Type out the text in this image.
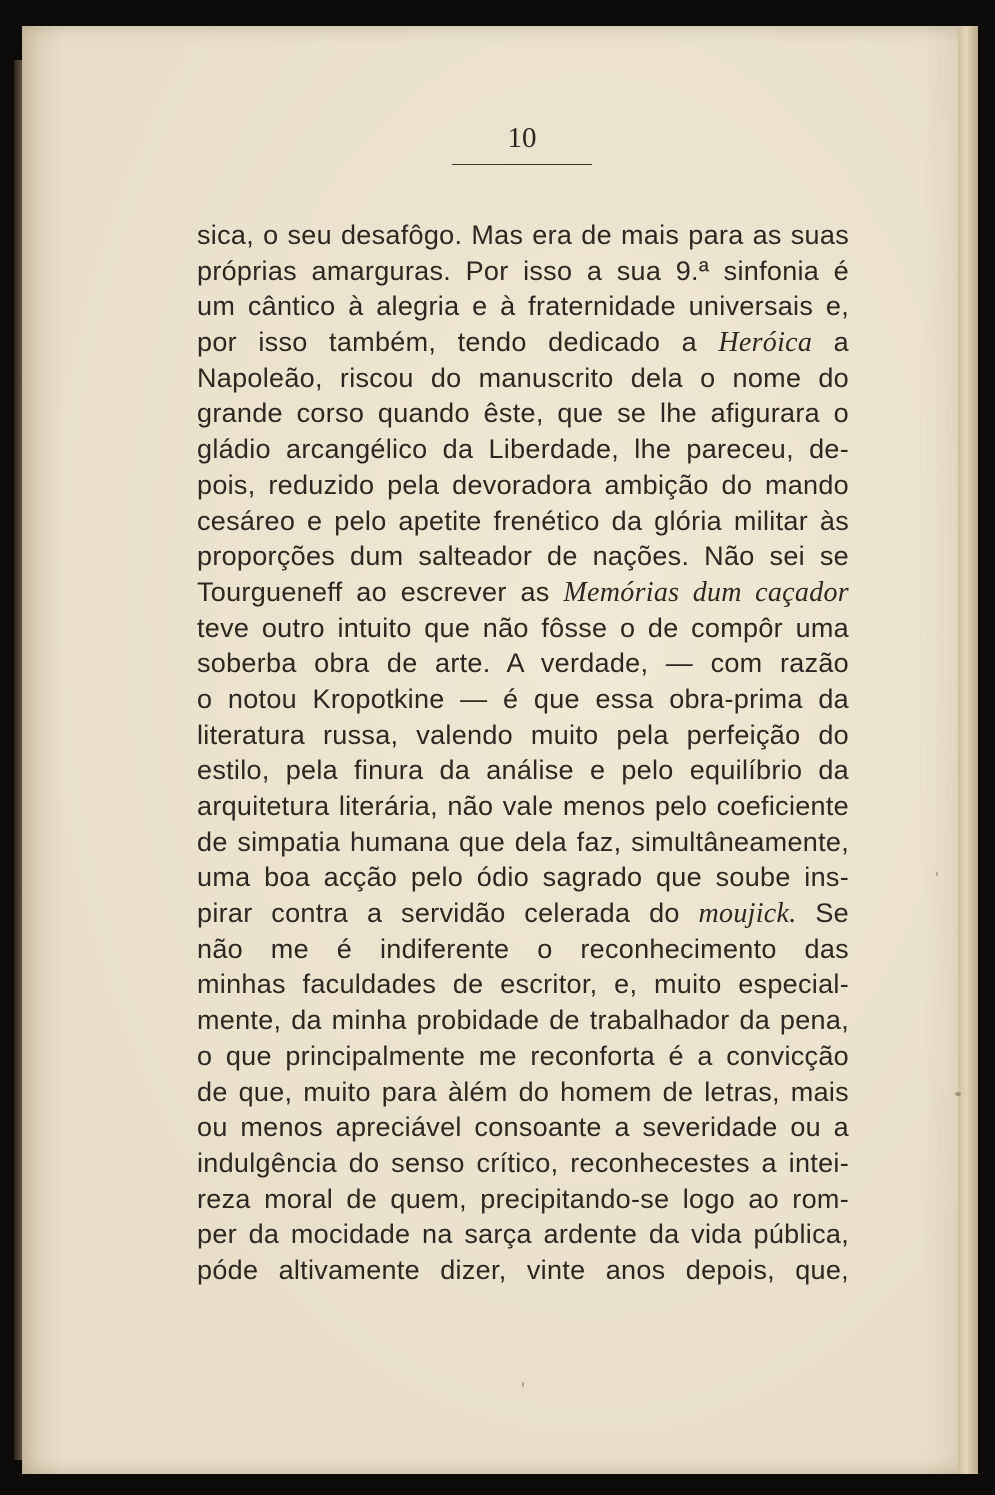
10
sica, o seu desafôgo. Mas era de mais para as suas
próprias amarguras. Por isso a sua 9.ª sinfonia é
um cântico à alegria e à fraternidade universais e,
por isso também, tendo dedicado a Heróica a
Napoleão, riscou do manuscrito dela o nome do
grande corso quando êste, que se lhe afigurara o
gládio arcangélico da Liberdade, lhe pareceu, de-
pois, reduzido pela devoradora ambição do mando
cesáreo e pelo apetite frenético da glória militar às
proporções dum salteador de nações. Não sei se
Tourgueneff ao escrever as Memórias dum caçador
teve outro intuito que não fôsse o de compôr uma
soberba obra de arte. A verdade, — com razão
o notou Kropotkine — é que essa obra-prima da
literatura russa, valendo muito pela perfeição do
estilo, pela finura da análise e pelo equilíbrio da
arquitetura literária, não vale menos pelo coeficiente
de simpatia humana que dela faz, simultâneamente,
uma boa acção pelo ódio sagrado que soube ins-
pirar contra a servidão celerada do moujick. Se
não me é indiferente o reconhecimento das
minhas faculdades de escritor, e, muito especial-
mente, da minha probidade de trabalhador da pena,
o que principalmente me reconforta é a convicção
de que, muito para àlém do homem de letras, mais
ou menos apreciável consoante a severidade ou a
indulgência do senso crítico, reconhecestes a intei-
reza moral de quem, precipitando-se logo ao rom-
per da mocidade na sarça ardente da vida pública,
póde altivamente dizer, vinte anos depois, que,
